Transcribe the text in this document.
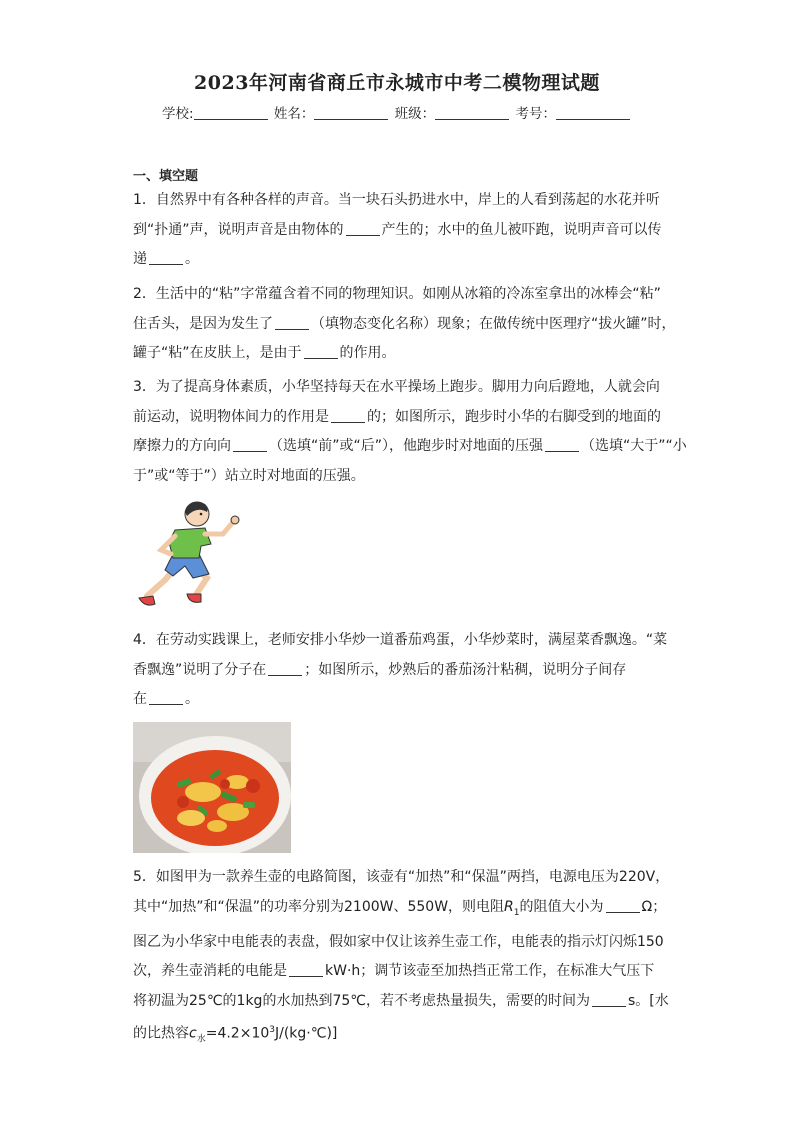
2023年河南省商丘市永城市中考二模物理试题
学校:	姓名：	班级：	考号：
一、填空题
1．自然界中有各种各样的声音。当一块石头扔进水中，岸上的人看到荡起的水花并听
到“扑通”声，说明声音是由物体的	产生的；水中的鱼儿被吓跑，说明声音可以传
递	。
2．生活中的“粘”字常蕴含着不同的物理知识。如刚从冰箱的冷冻室拿出的冰棒会“粘”
住舌头，是因为发生了	（填物态变化名称）现象；在做传统中医理疗“拔火罐”时，
罐子“粘”在皮肤上，是由于	的作用。
3．为了提高身体素质，小华坚持每天在水平操场上跑步。脚用力向后蹬地，人就会向
前运动，说明物体间力的作用是	的；如图所示，跑步时小华的右脚受到的地面的
摩擦力的方向向	（选填“前”或“后”），他跑步时对地面的压强	（选填“大于”“小
于”或“等于”）站立时对地面的压强。
4．在劳动实践课上，老师安排小华炒一道番茄鸡蛋，小华炒菜时，满屋菜香飘逸。“菜
香飘逸”说明了分子在	；如图所示，炒熟后的番茄汤汁粘稠，说明分子间存
在	。
5．如图甲为一款养生壶的电路简图，该壶有“加热”和“保温”两挡，电源电压为220V，
其中“加热”和“保温”的功率分别为2100W、550W，则电阻$R_1$的阻值大小为	Ω；
图乙为小华家中电能表的表盘，假如家中仅让该养生壶工作，电能表的指示灯闪烁150
次，养生壶消耗的电能是	kW·h；调节该壶至加热挡正常工作，在标准大气压下
将初温为25℃的1kg的水加热到75℃，若不考虑热量损失，需要的时间为	s。[水
的比热容$c_水=4.2\times 10^3J/(kg\cdot℃)$]
